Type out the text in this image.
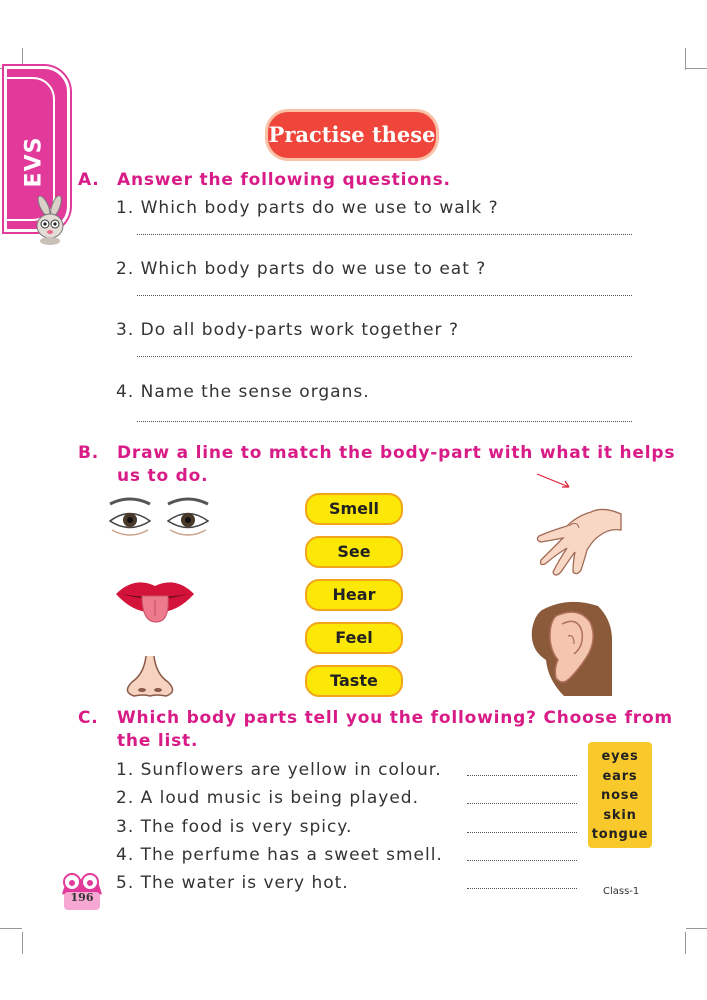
EVS
Practise these
A. Answer the following questions.
1. Which body parts do we use to walk ?
2. Which body parts do we use to eat ?
3. Do all body-parts work together ?
4. Name the sense organs.
B. Draw a line to match the body-part with what it helps
us to do.
Smell
See
Hear
Feel
Taste
C. Which body parts tell you the following? Choose from
the list.
1. Sunflowers are yellow in colour.
2. A loud music is being played.
3. The food is very spicy.
4. The perfume has a sweet smell.
5. The water is very hot.
eyes
ears
nose
skin
tongue
196	Class-1
